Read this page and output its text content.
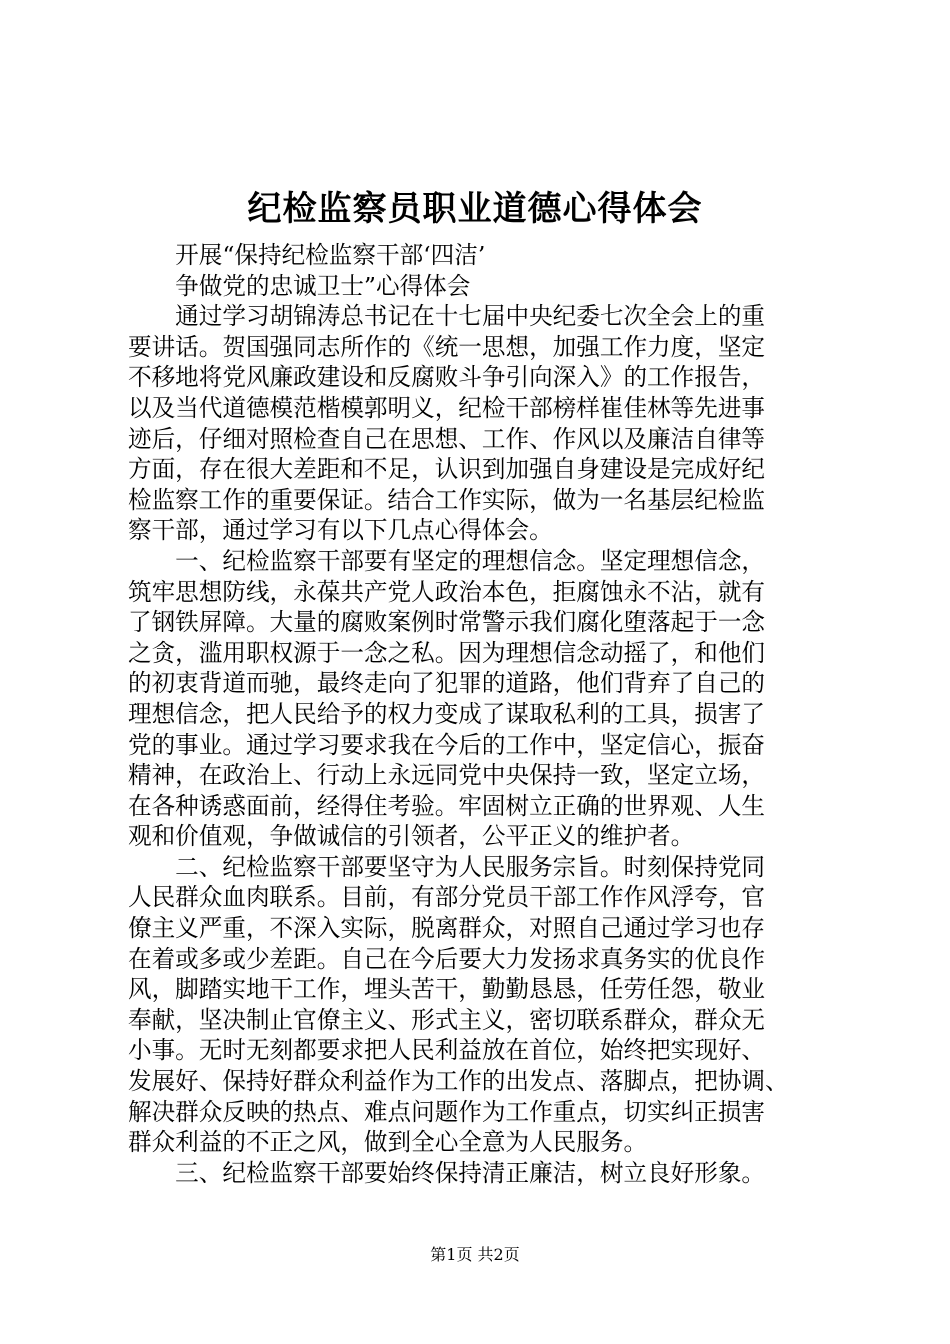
纪检监察员职业道德心得体会
　　开展“保持纪检监察干部‘四洁’
　　争做党的忠诚卫士”心得体会
　　通过学习胡锦涛总书记在十七届中央纪委七次全会上的重
要讲话。贺国强同志所作的《统一思想，加强工作力度，坚定
不移地将党风廉政建设和反腐败斗争引向深入》的工作报告，
以及当代道德模范楷模郭明义，纪检干部榜样崔佳林等先进事
迹后，仔细对照检查自己在思想、工作、作风以及廉洁自律等
方面，存在很大差距和不足，认识到加强自身建设是完成好纪
检监察工作的重要保证。结合工作实际，做为一名基层纪检监
察干部，通过学习有以下几点心得体会。
　　一、纪检监察干部要有坚定的理想信念。坚定理想信念，
筑牢思想防线，永葆共产党人政治本色，拒腐蚀永不沾，就有
了钢铁屏障。大量的腐败案例时常警示我们腐化堕落起于一念
之贪，滥用职权源于一念之私。因为理想信念动摇了，和他们
的初衷背道而驰，最终走向了犯罪的道路，他们背弃了自己的
理想信念，把人民给予的权力变成了谋取私利的工具，损害了
党的事业。通过学习要求我在今后的工作中，坚定信心，振奋
精神，在政治上、行动上永远同党中央保持一致，坚定立场，
在各种诱惑面前，经得住考验。牢固树立正确的世界观、人生
观和价值观，争做诚信的引领者，公平正义的维护者。
　　二、纪检监察干部要坚守为人民服务宗旨。时刻保持党同
人民群众血肉联系。目前，有部分党员干部工作作风浮夸，官
僚主义严重，不深入实际，脱离群众，对照自己通过学习也存
在着或多或少差距。自己在今后要大力发扬求真务实的优良作
风，脚踏实地干工作，埋头苦干，勤勤恳恳，任劳任怨，敬业
奉献，坚决制止官僚主义、形式主义，密切联系群众，群众无
小事。无时无刻都要求把人民利益放在首位，始终把实现好、
发展好、保持好群众利益作为工作的出发点、落脚点，把协调、
解决群众反映的热点、难点问题作为工作重点，切实纠正损害
群众利益的不正之风，做到全心全意为人民服务。
　　三、纪检监察干部要始终保持清正廉洁，树立良好形象。
第1页 共2页
